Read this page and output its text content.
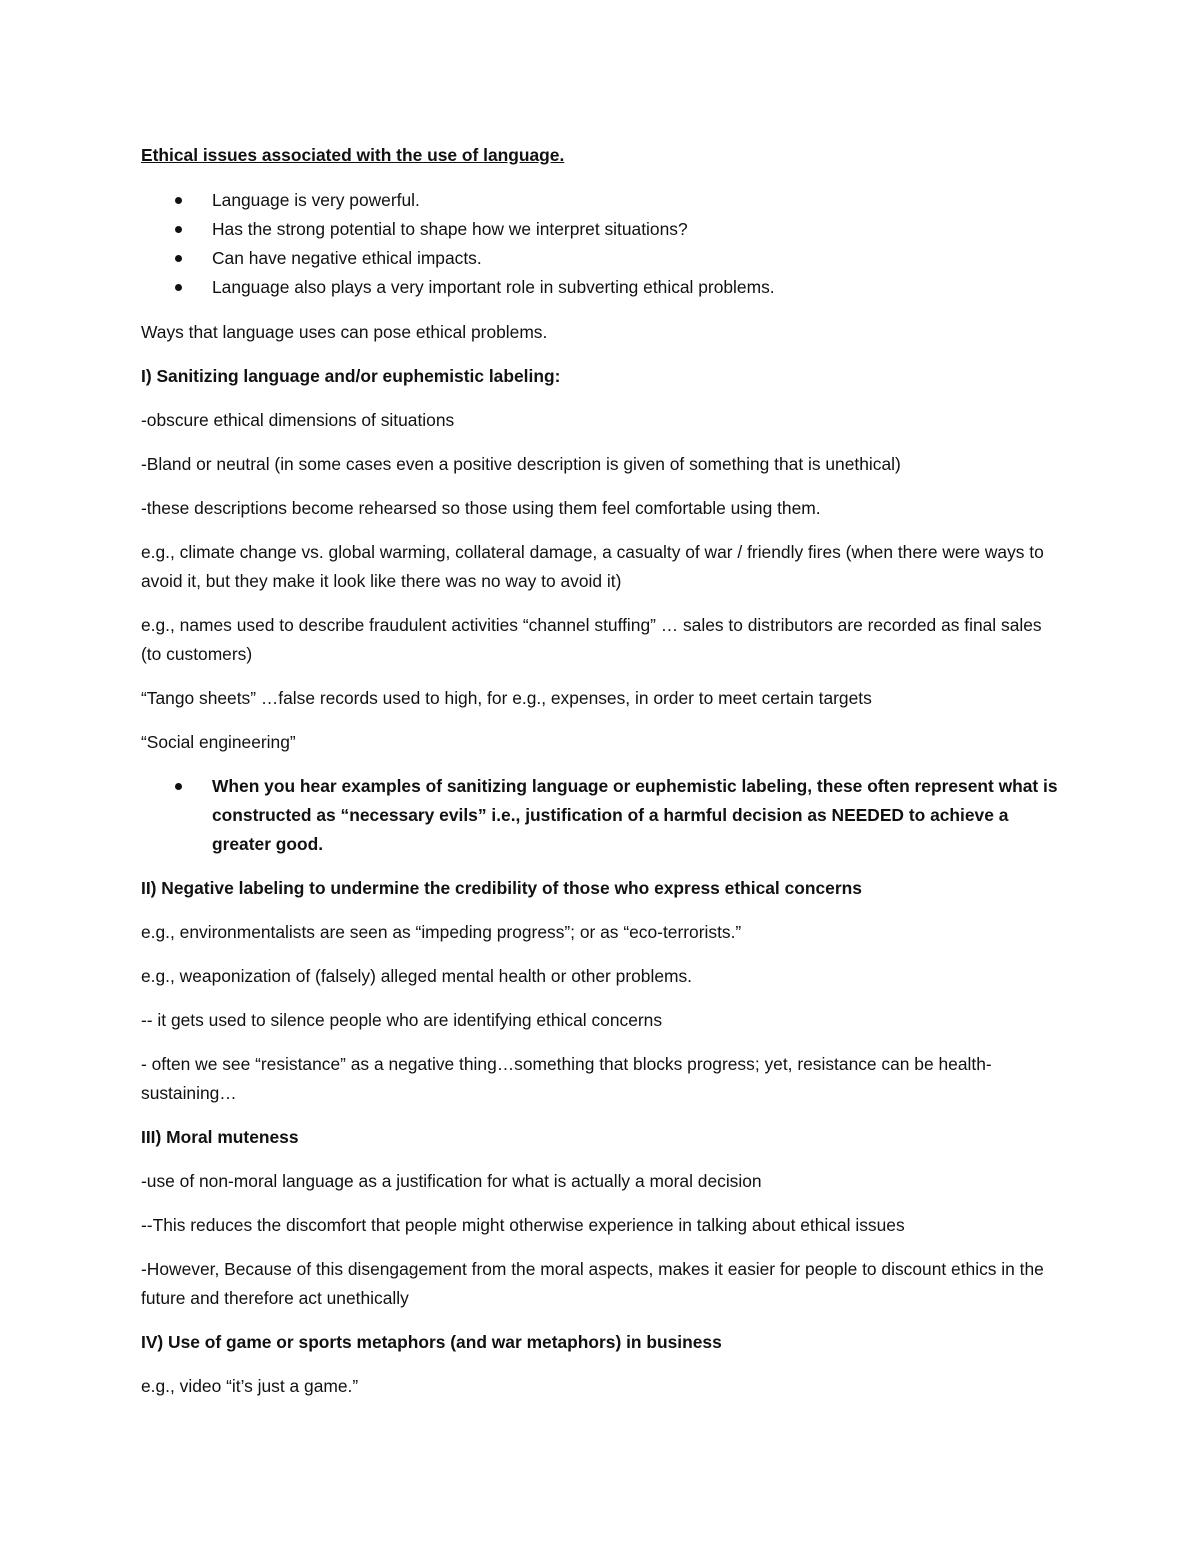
Ethical issues associated with the use of language.
Language is very powerful.
Has the strong potential to shape how we interpret situations?
Can have negative ethical impacts.
Language also plays a very important role in subverting ethical problems.

Ways that language uses can pose ethical problems.

I) Sanitizing language and/or euphemistic labeling:

-obscure ethical dimensions of situations

-Bland or neutral (in some cases even a positive description is given of something that is unethical)

-these descriptions become rehearsed so those using them feel comfortable using them.

e.g., climate change vs. global warming, collateral damage, a casualty of war / friendly fires (when there were ways to avoid it, but they make it look like there was no way to avoid it)

e.g., names used to describe fraudulent activities “channel stuffing” … sales to distributors are recorded as final sales (to customers)

“Tango sheets” …false records used to high, for e.g., expenses, in order to meet certain targets

“Social engineering”

When you hear examples of sanitizing language or euphemistic labeling, these often represent what is constructed as “necessary evils” i.e., justification of a harmful decision as NEEDED to achieve a greater good.

II) Negative labeling to undermine the credibility of those who express ethical concerns

e.g., environmentalists are seen as “impeding progress”; or as “eco-terrorists.”

e.g., weaponization of (falsely) alleged mental health or other problems.

-- it gets used to silence people who are identifying ethical concerns

- often we see “resistance” as a negative thing…something that blocks progress; yet, resistance can be health-sustaining…

III) Moral muteness

-use of non-moral language as a justification for what is actually a moral decision

--This reduces the discomfort that people might otherwise experience in talking about ethical issues

-However, Because of this disengagement from the moral aspects, makes it easier for people to discount ethics in the future and therefore act unethically

IV) Use of game or sports metaphors (and war metaphors) in business

e.g., video “it’s just a game.”
